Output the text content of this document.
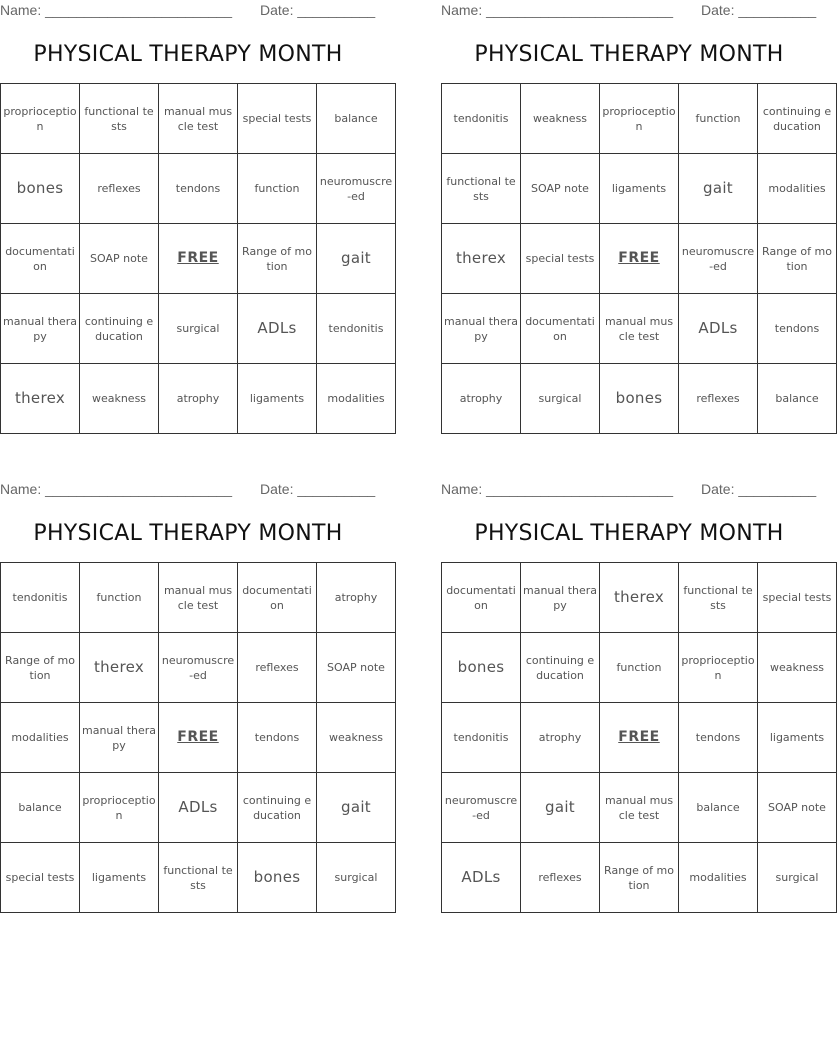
Name: ________________________ Date: __________
PHYSICAL THERAPY MONTH
proprioception	functional tests	manual muscle test	special tests	balance
bones	reflexes	tendons	function	neuromuscre-ed
documentation	SOAP note	FREE	Range of motion	gait
manual therapy	continuing education	surgical	ADLs	tendonitis
therex	weakness	atrophy	ligaments	modalities
Name: ________________________ Date: __________
PHYSICAL THERAPY MONTH
tendonitis	weakness	proprioception	function	continuing education
functional tests	SOAP note	ligaments	gait	modalities
therex	special tests	FREE	neuromuscre-ed	Range of motion
manual therapy	documentation	manual muscle test	ADLs	tendons
atrophy	surgical	bones	reflexes	balance
Name: ________________________ Date: __________
PHYSICAL THERAPY MONTH
tendonitis	function	manual muscle test	documentation	atrophy
Range of motion	therex	neuromuscre-ed	reflexes	SOAP note
modalities	manual therapy	FREE	tendons	weakness
balance	proprioception	ADLs	continuing education	gait
special tests	ligaments	functional tests	bones	surgical
Name: ________________________ Date: __________
PHYSICAL THERAPY MONTH
documentation	manual therapy	therex	functional tests	special tests
bones	continuing education	function	proprioception	weakness
tendonitis	atrophy	FREE	tendons	ligaments
neuromuscre-ed	gait	manual muscle test	balance	SOAP note
ADLs	reflexes	Range of motion	modalities	surgical
